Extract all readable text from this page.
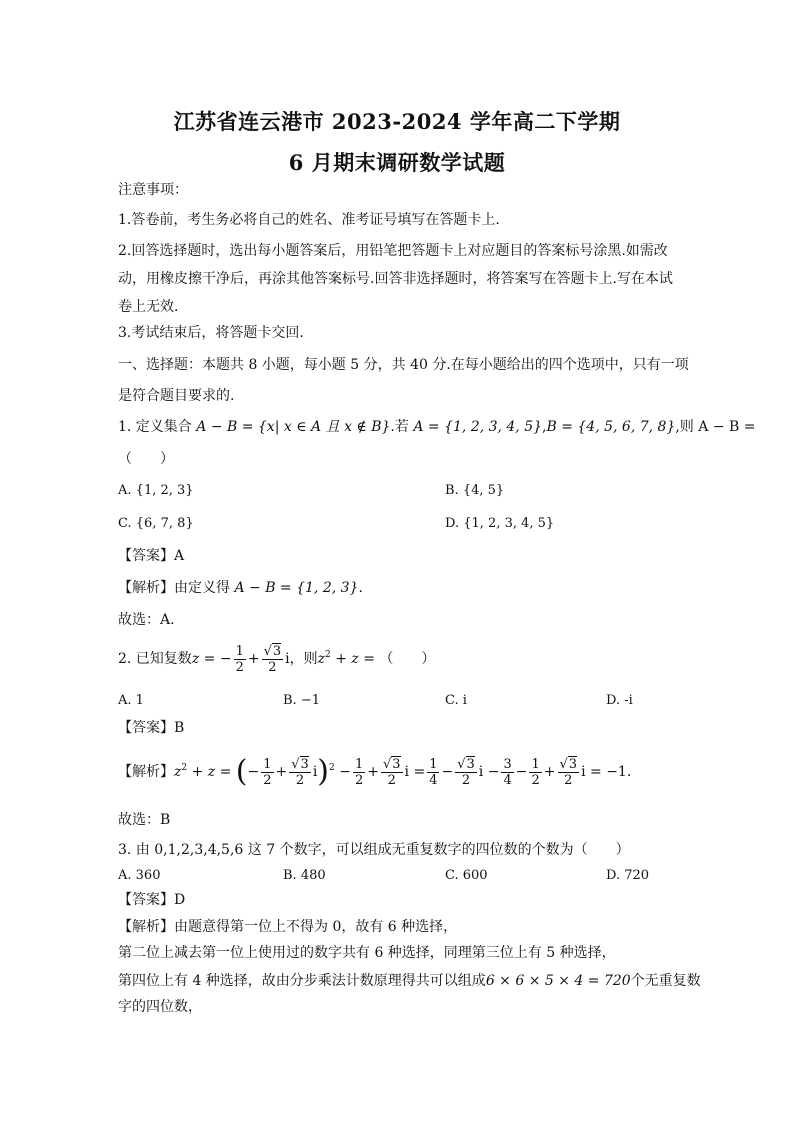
江苏省连云港市 2023-2024 学年高二下学期
6 月期末调研数学试题
注意事项：
1.答卷前，考生务必将自己的姓名、准考证号填写在答题卡上.
2.回答选择题时，选出每小题答案后，用铅笔把答题卡上对应题目的答案标号涂黑.如需改
动，用橡皮擦干净后，再涂其他答案标号.回答非选择题时，将答案写在答题卡上.写在本试
卷上无效.
3.考试结束后，将答题卡交回.
一、选择题：本题共 8 小题，每小题 5 分，共 40 分.在每小题给出的四个选项中，只有一项
是符合题目要求的.
1. 定义集合 A − B = {x| x ∈ A 且 x ∉ B}.若 A = {1, 2, 3, 4, 5},B = {4, 5, 6, 7, 8},则 A − B =
（　　）
A. {1, 2, 3}	B. {4, 5}
C. {6, 7, 8}	D. {1, 2, 3, 4, 5}
【答案】A
【解析】由定义得 A − B = {1, 2, 3}.
故选：A.
2. 已知复数z = − $\frac{1}{2} + \frac{√3}{2}$ i，则$z^2 + z$ = （　　）
A. 1	B. −1	C. i	D. -i
【答案】B
【解析】$z^2 + z$ = (− $\frac{1}{2} + \frac{√3}{2} i)^2 - \frac{1}{2} + \frac{√3}{2}$ $i = \frac{1}{4} - \frac{√3}{2}$ $i - \frac{3}{4} - \frac{1}{2} + \frac{√3}{2}$ i = −1.
故选：B
3. 由 0,1,2,3,4,5,6 这 7 个数字，可以组成无重复数字的四位数的个数为（　　）
A. 360	B. 480	C. 600	D. 720
【答案】D
【解析】由题意得第一位上不得为 0，故有 6 种选择，
第二位上减去第一位上使用过的数字共有 6 种选择，同理第三位上有 5 种选择，
第四位上有 4 种选择，故由分步乘法计数原理得共可以组成6 × 6 × 5 × 4 = 720个无重复数
字的四位数，
